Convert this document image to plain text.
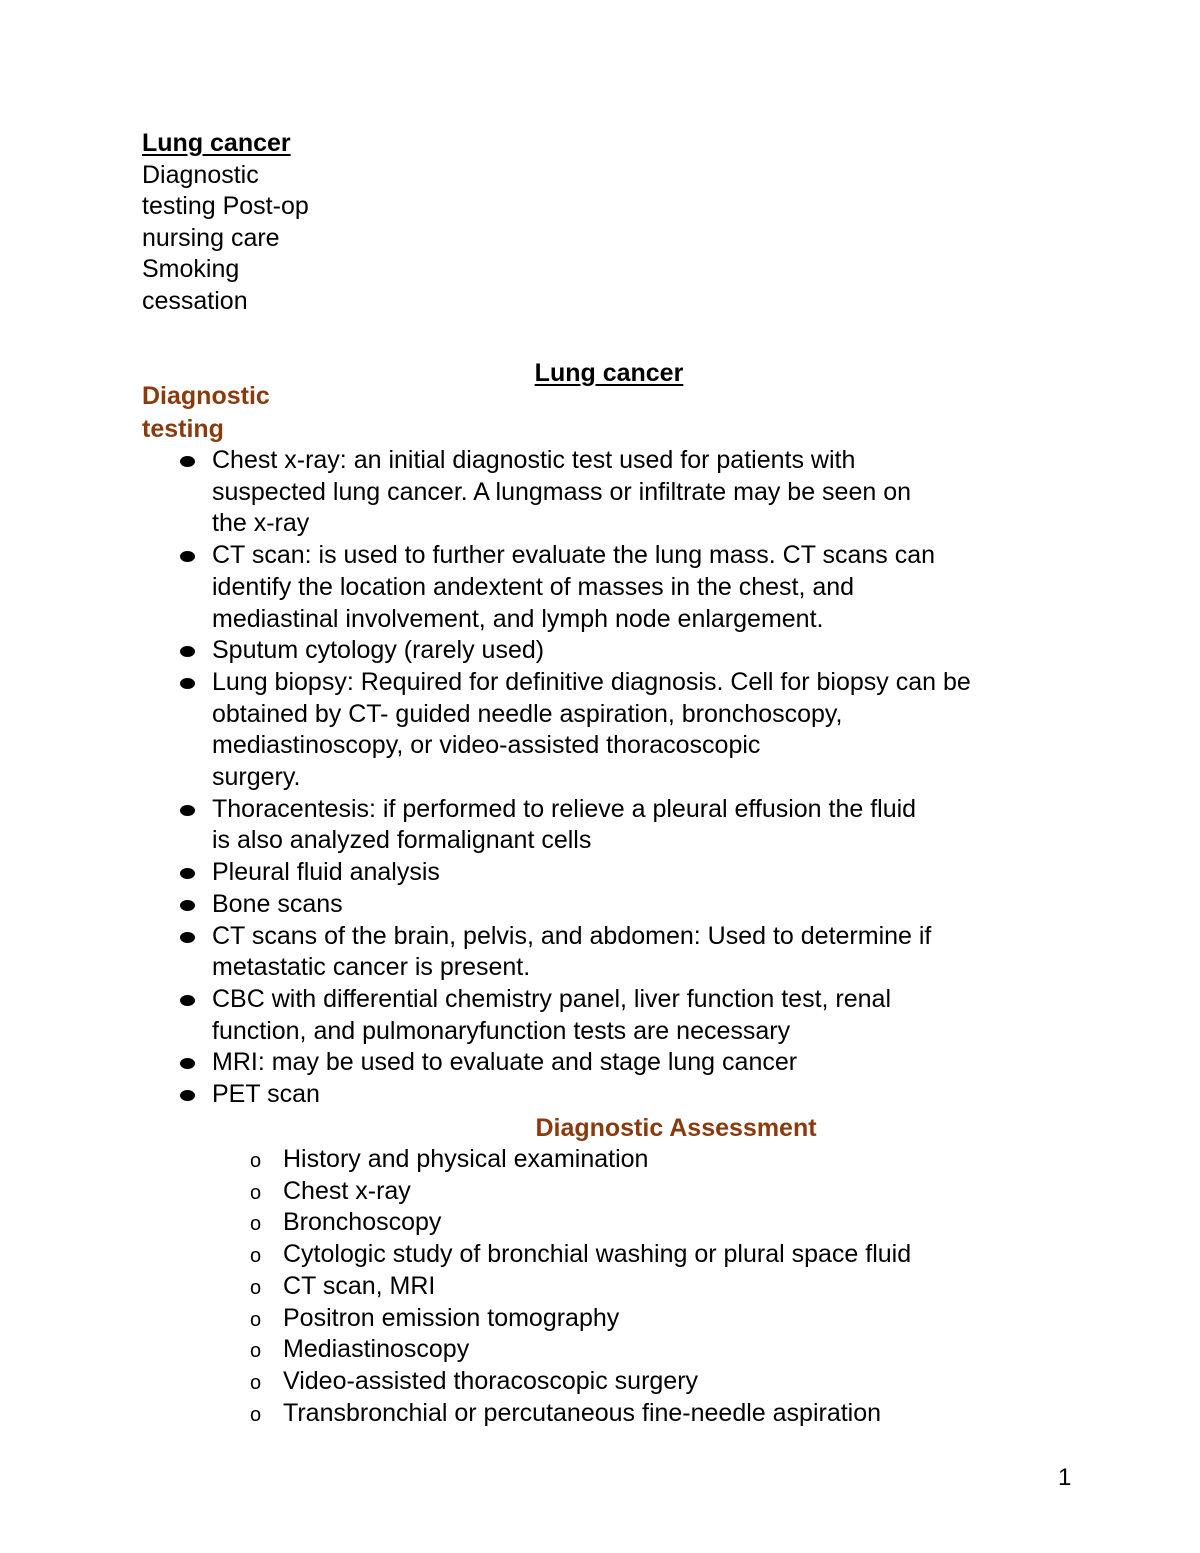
Lung cancer
Diagnostic
testing Post-op
nursing care
Smoking
cessation
Lung cancer
Diagnostic
testing
Chest x-ray: an initial diagnostic test used for patients with
suspected lung cancer. A lungmass or infiltrate may be seen on
the x-ray
CT scan: is used to further evaluate the lung mass. CT scans can
identify the location andextent of masses in the chest, and
mediastinal involvement, and lymph node enlargement.
Sputum cytology (rarely used)
Lung biopsy: Required for definitive diagnosis. Cell for biopsy can be
obtained by CT- guided needle aspiration, bronchoscopy,
mediastinoscopy, or video-assisted thoracoscopic
surgery.
Thoracentesis: if performed to relieve a pleural effusion the fluid
is also analyzed formalignant cells
Pleural fluid analysis
Bone scans
CT scans of the brain, pelvis, and abdomen: Used to determine if
metastatic cancer is present.
CBC with differential chemistry panel, liver function test, renal
function, and pulmonaryfunction tests are necessary
MRI: may be used to evaluate and stage lung cancer
PET scan
Diagnostic Assessment
o History and physical examination
o Chest x-ray
o Bronchoscopy
o Cytologic study of bronchial washing or plural space fluid
o CT scan, MRI
o Positron emission tomography
o Mediastinoscopy
o Video-assisted thoracoscopic surgery
o Transbronchial or percutaneous fine-needle aspiration
1
